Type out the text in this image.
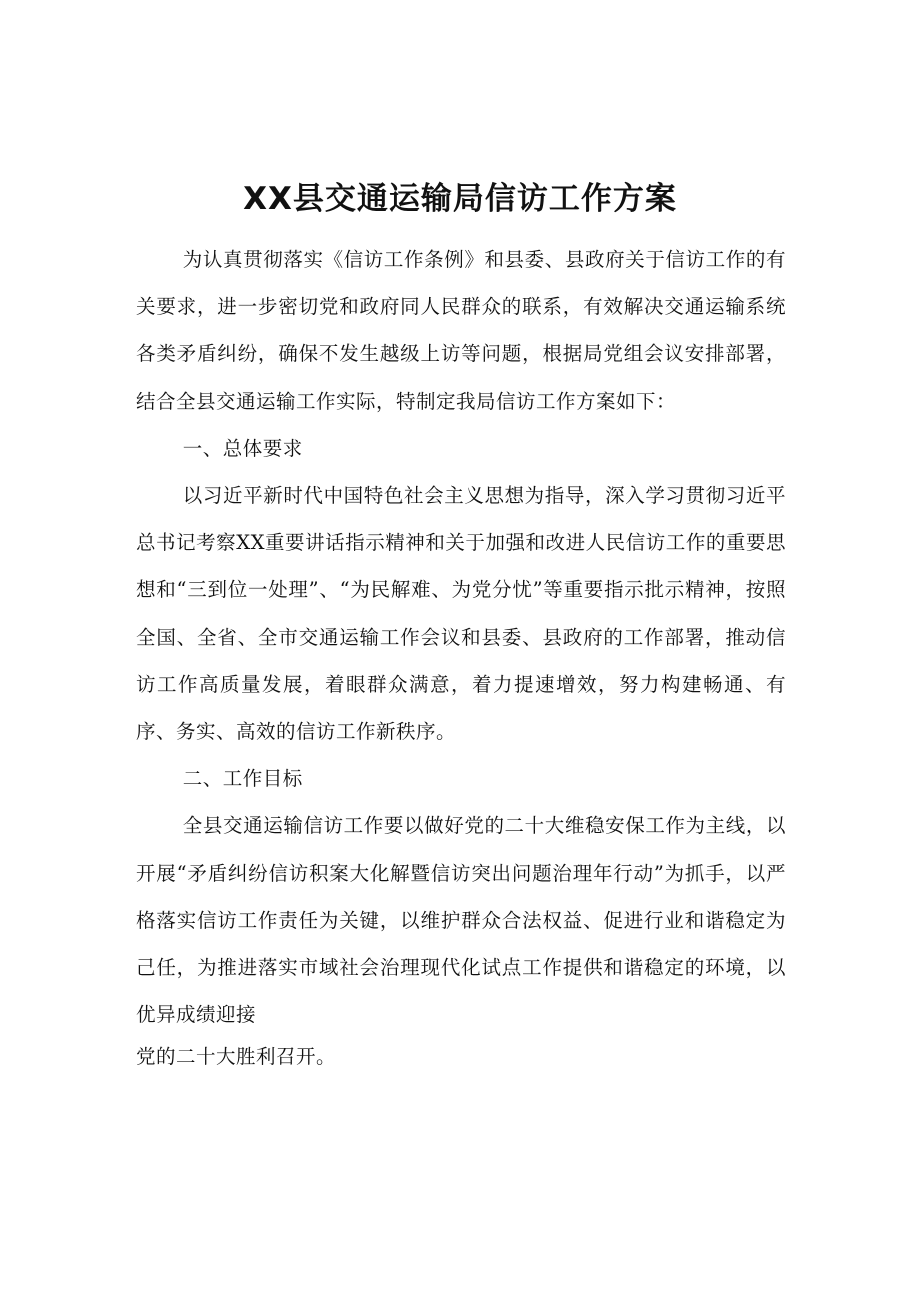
XX县交通运输局信访工作方案

为认真贯彻落实《信访工作条例》和县委、县政府关于信访工作的有关要求，进一步密切党和政府同人民群众的联系，有效解决交通运输系统各类矛盾纠纷，确保不发生越级上访等问题，根据局党组会议安排部署，结合全县交通运输工作实际，特制定我局信访工作方案如下：

一、总体要求

以习近平新时代中国特色社会主义思想为指导，深入学习贯彻习近平总书记考察XX重要讲话指示精神和关于加强和改进人民信访工作的重要思想和“三到位一处理”、“为民解难、为党分忧”等重要指示批示精神，按照全国、全省、全市交通运输工作会议和县委、县政府的工作部署，推动信访工作高质量发展，着眼群众满意，着力提速增效，努力构建畅通、有序、务实、高效的信访工作新秩序。

二、工作目标

全县交通运输信访工作要以做好党的二十大维稳安保工作为主线，以开展“矛盾纠纷信访积案大化解暨信访突出问题治理年行动”为抓手，以严格落实信访工作责任为关键，以维护群众合法权益、促进行业和谐稳定为己任，为推进落实市域社会治理现代化试点工作提供和谐稳定的环境，以优异成绩迎接

党的二十大胜利召开。
